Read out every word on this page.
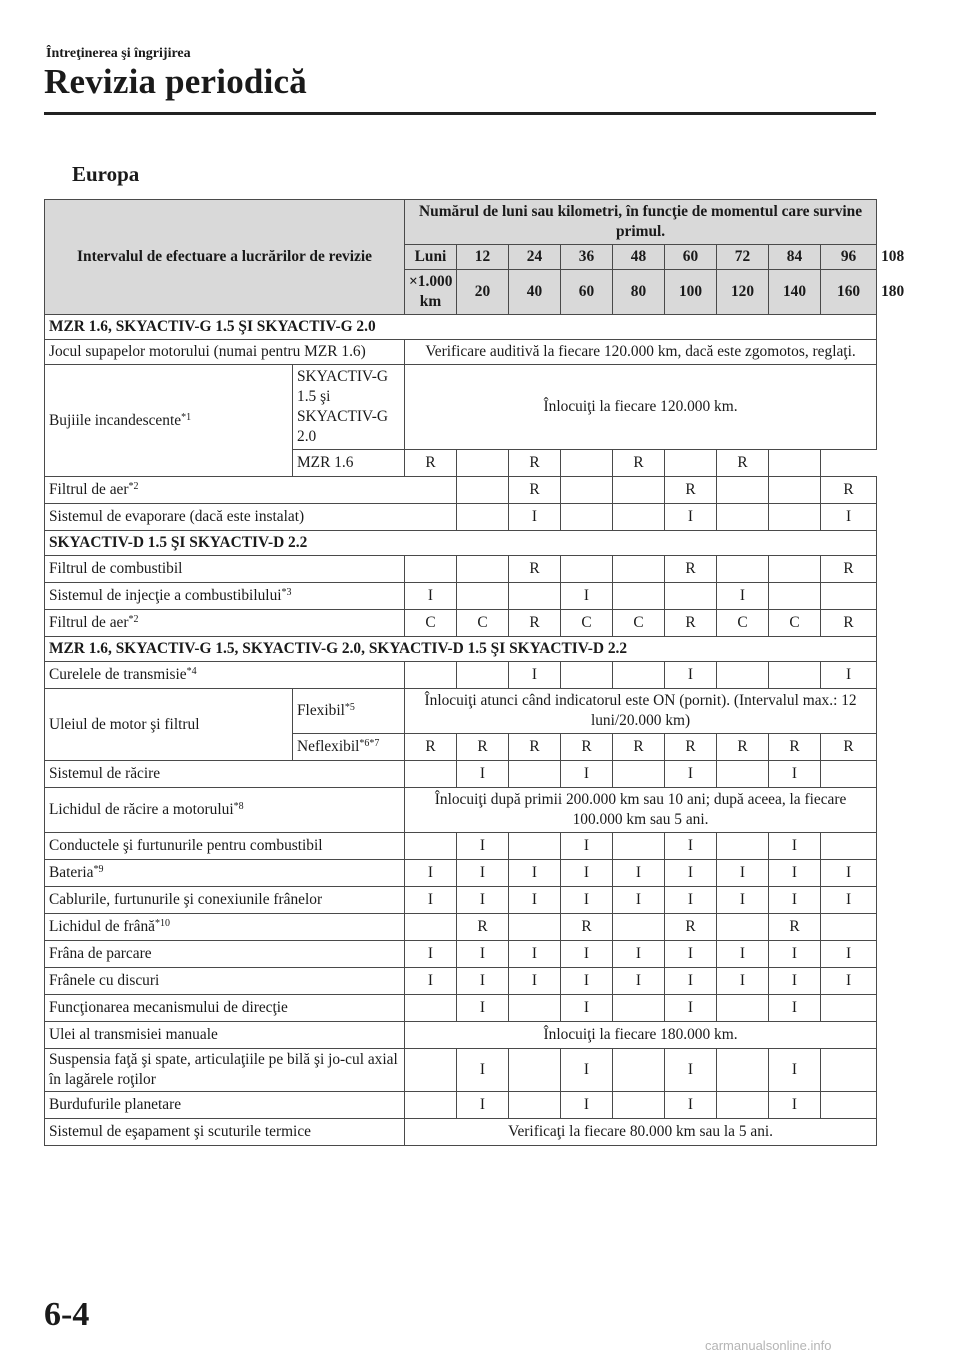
Întreţinerea şi îngrijirea
Revizia periodică
Europa
Intervalul de efectuare a lucrărilor de revizie		Numărul de luni sau kilometri, în funcţie de momentul care survine primul.									
		Luni	12	24	36	48	60	72	84	96	108
		×1.000 km	20	40	60	80	100	120	140	160	180
MZR 1.6, SKYACTIV-G 1.5 ŞI SKYACTIV-G 2.0											
Jocul supapelor motorului (numai pentru MZR 1.6)		Verificare auditivă la fiecare 120.000 km, dacă este zgomotos, reglaţi.									
Bujiile incandescente$^{*1}$	SKYACTIV-G 1.5 şi SKYACTIV-G 2.0	Înlocuiţi la fiecare 120.000 km.									
	MZR 1.6	R		R		R		R			
Filtrul de aer$^{*2}$				R			R			R	
Sistemul de evaporare (dacă este instalat)				I			I			I	
SKYACTIV-D 1.5 ŞI SKYACTIV-D 2.2											
Filtrul de combustibil				R			R			R	
Sistemul de injecţie a combustibilului$^{*3}$		I			I			I			
Filtrul de aer$^{*2}$		C	C	R	C	C	R	C	C	R	
MZR 1.6, SKYACTIV-G 1.5, SKYACTIV-G 2.0, SKYACTIV-D 1.5 ŞI SKYACTIV-D 2.2											
Curelele de transmisie$^{*4}$				I			I			I	
Uleiul de motor şi filtrul	Flexibil$^{*5}$	Înlocuiţi atunci când indicatorul este ON (pornit). (Intervalul max.: 12 luni/20.000 km)									
	Neflexibil$^{*6*7}$	R	R	R	R	R	R	R	R	R	
Sistemul de răcire			I		I		I		I		
Lichidul de răcire a motorului$^{*8}$		Înlocuiţi după primii 200.000 km sau 10 ani; după aceea, la fiecare 100.000 km sau 5 ani.									
Conductele şi furtunurile pentru combustibil			I		I		I		I		
Bateria$^{*9}$		I	I	I	I	I	I	I	I	I	
Cablurile, furtunurile şi conexiunile frânelor		I	I	I	I	I	I	I	I	I	
Lichidul de frână$^{*10}$			R		R		R		R		
Frâna de parcare		I	I	I	I	I	I	I	I	I	
Frânele cu discuri		I	I	I	I	I	I	I	I	I	
Funcţionarea mecanismului de direcţie			I		I		I		I		
Ulei al transmisiei manuale		Înlocuiţi la fiecare 180.000 km.									
Suspensia faţă şi spate, articulaţiile pe bilă şi jo-cul axial în lagărele roţilor			I		I		I		I		
Burdufurile planetare			I		I		I		I		
Sistemul de eşapament şi scuturile termice		Verificaţi la fiecare 80.000 km sau la 5 ani.									
6-4
carmanualsonline.info
